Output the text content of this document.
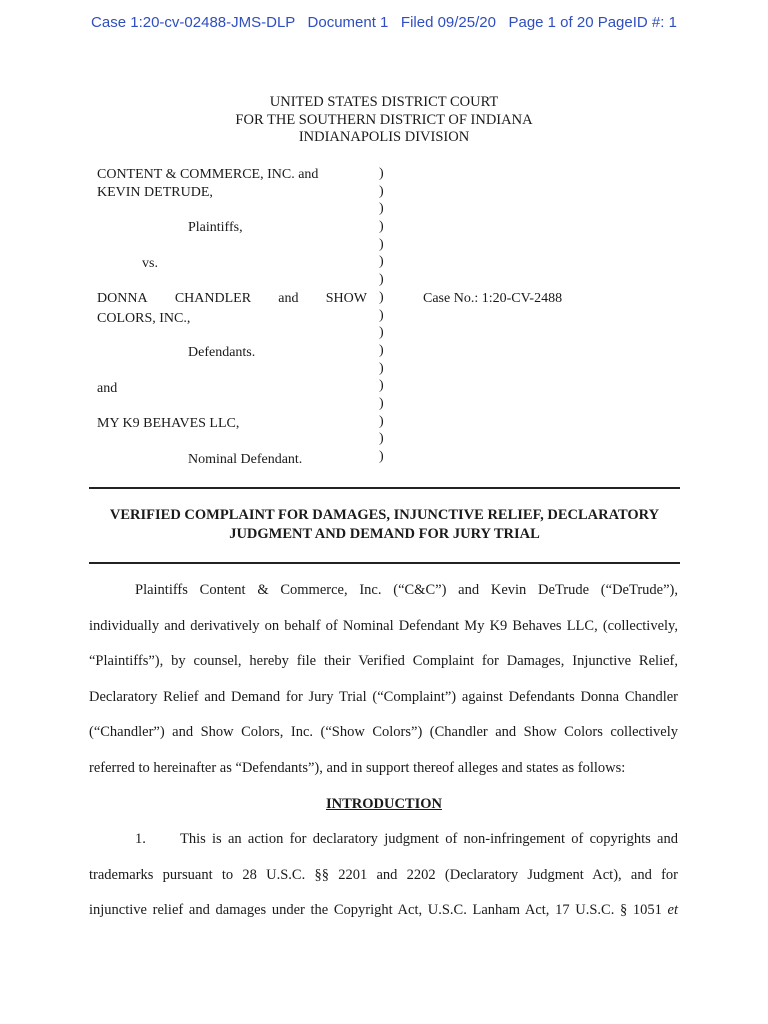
Case 1:20-cv-02488-JMS-DLP   Document 1   Filed 09/25/20   Page 1 of 20 PageID #: 1
UNITED STATES DISTRICT COURT
FOR THE SOUTHERN DISTRICT OF INDIANA
INDIANAPOLIS DIVISION
CONTENT & COMMERCE, INC. and
KEVIN DETRUDE,
Plaintiffs,
vs.
DONNA CHANDLER and SHOW
COLORS, INC.,
Defendants.
and
MY K9 BEHAVES LLC,
Nominal Defendant.
Case No.: 1:20-CV-2488
)
)
)
)
)
)
)
)
)
)
)
)
)
)
)
)
)
VERIFIED COMPLAINT FOR DAMAGES, INJUNCTIVE RELIEF, DECLARATORY
JUDGMENT AND DEMAND FOR JURY TRIAL
Plaintiffs Content & Commerce, Inc. (“C&C”) and Kevin DeTrude (“DeTrude”),
individually and derivatively on behalf of Nominal Defendant My K9 Behaves LLC, (collectively,
“Plaintiffs”), by counsel, hereby file their Verified Complaint for Damages, Injunctive Relief,
Declaratory Relief and Demand for Jury Trial (“Complaint”) against Defendants Donna Chandler
(“Chandler”) and Show Colors, Inc. (“Show Colors”) (Chandler and Show Colors collectively
referred to hereinafter as “Defendants”), and in support thereof alleges and states as follows:
INTRODUCTION
1. This is an action for declaratory judgment of non-infringement of copyrights and
trademarks pursuant to 28 U.S.C. §§ 2201 and 2202 (Declaratory Judgment Act), and for
injunctive relief and damages under the Copyright Act, U.S.C. Lanham Act, 17 U.S.C. § 1051 et
